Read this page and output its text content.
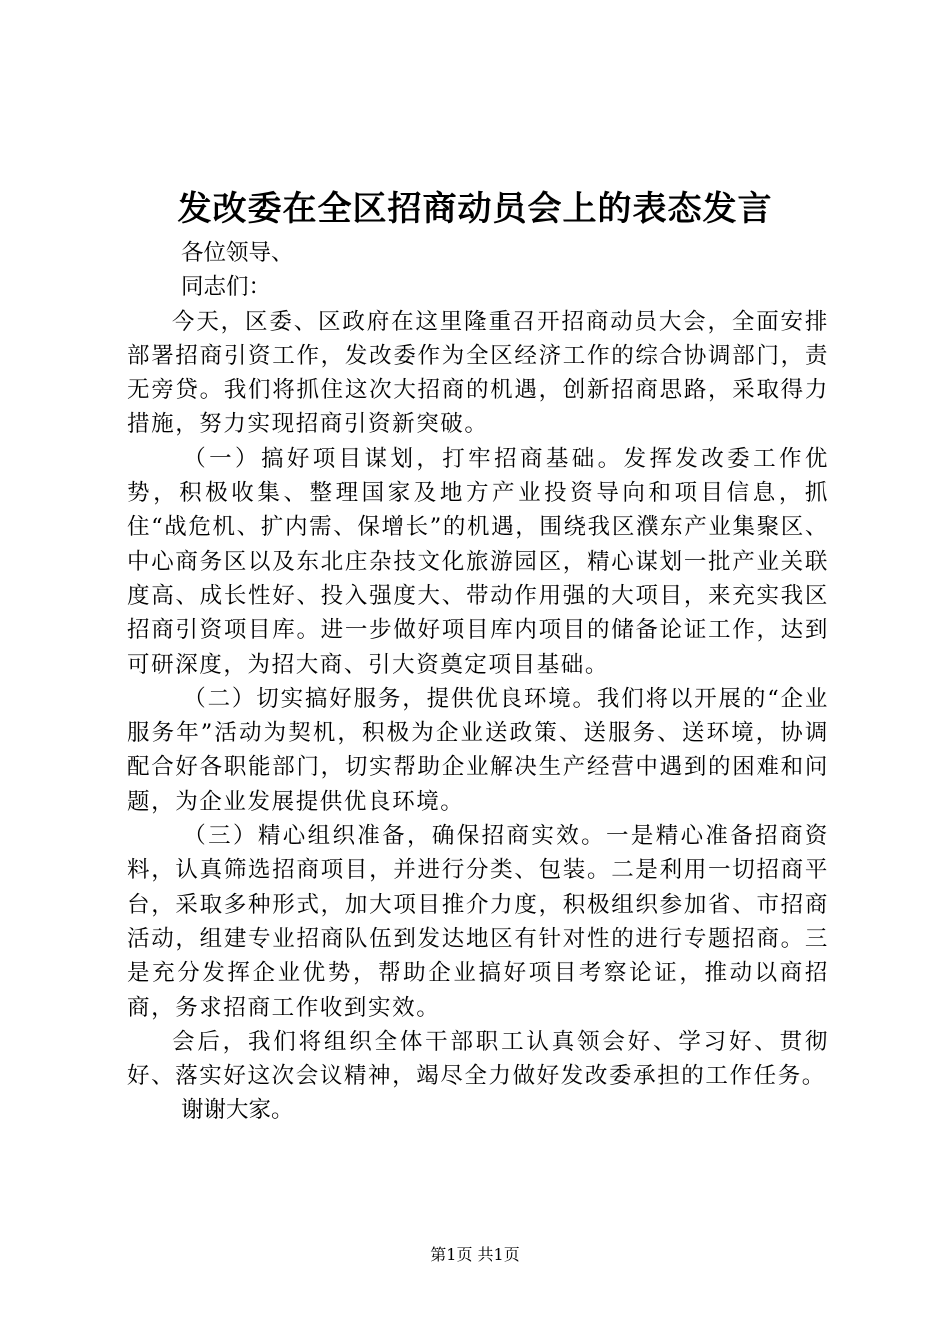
发改委在全区招商动员会上的表态发言

各位领导、

同志们：

今天，区委、区政府在这里隆重召开招商动员大会，全面安排部署招商引资工作，发改委作为全区经济工作的综合协调部门，责无旁贷。我们将抓住这次大招商的机遇，创新招商思路，采取得力措施，努力实现招商引资新突破。

（一）搞好项目谋划，打牢招商基础。发挥发改委工作优势，积极收集、整理国家及地方产业投资导向和项目信息，抓住“战危机、扩内需、保增长”的机遇，围绕我区濮东产业集聚区、中心商务区以及东北庄杂技文化旅游园区，精心谋划一批产业关联度高、成长性好、投入强度大、带动作用强的大项目，来充实我区招商引资项目库。进一步做好项目库内项目的储备论证工作，达到可研深度，为招大商、引大资奠定项目基础。

（二）切实搞好服务，提供优良环境。我们将以开展的“企业服务年”活动为契机，积极为企业送政策、送服务、送环境，协调配合好各职能部门，切实帮助企业解决生产经营中遇到的困难和问题，为企业发展提供优良环境。

（三）精心组织准备，确保招商实效。一是精心准备招商资料，认真筛选招商项目，并进行分类、包装。二是利用一切招商平台，采取多种形式，加大项目推介力度，积极组织参加省、市招商活动，组建专业招商队伍到发达地区有针对性的进行专题招商。三是充分发挥企业优势，帮助企业搞好项目考察论证，推动以商招商，务求招商工作收到实效。

会后，我们将组织全体干部职工认真领会好、学习好、贯彻好、落实好这次会议精神，竭尽全力做好发改委承担的工作任务。

谢谢大家。

第1页 共1页
